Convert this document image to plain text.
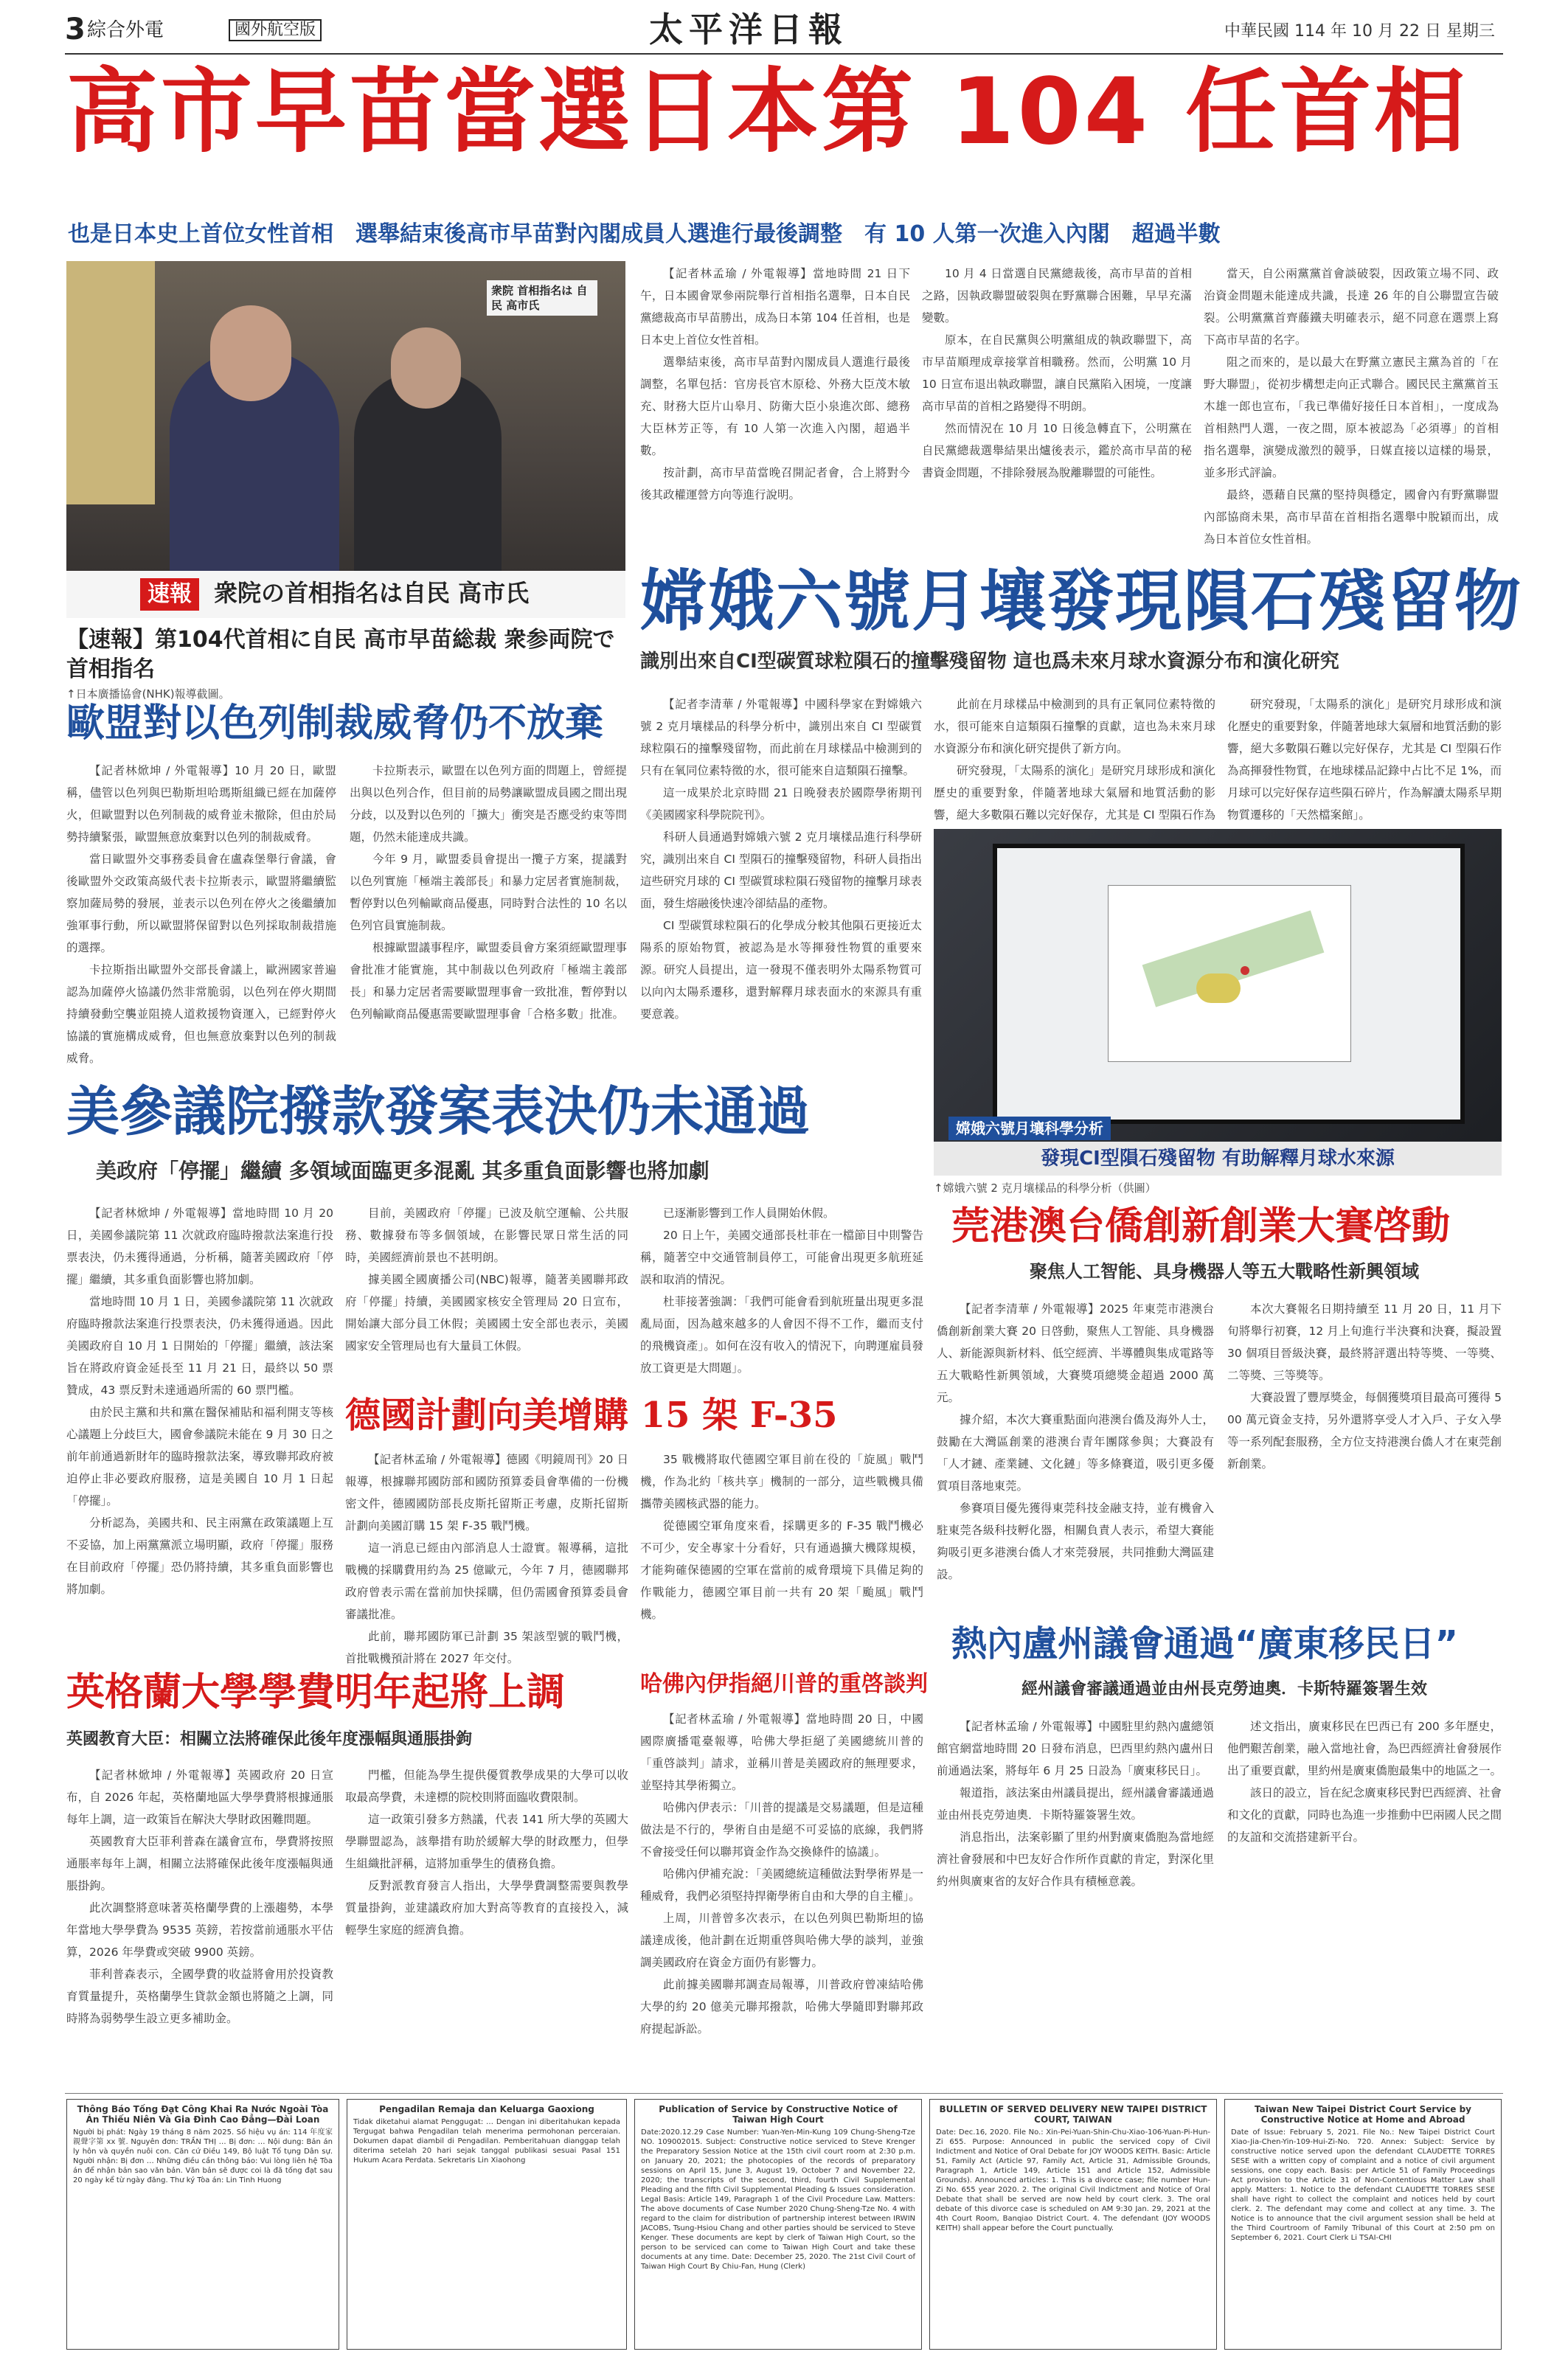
3 綜合外電	國外航空版	太平洋日報	中華民國 114 年 10 月 22 日 星期三
高市早苗當選日本第 104 任首相
也是日本史上首位女性首相　選舉結束後高市早苗對內閣成員人選進行最後調整　有 10 人第一次進入內閣　超過半數
衆院 首相指名は 自民 高市氏
速報 衆院の首相指名は自民 高市氏
【速報】第104代首相に自民 高市早苗総裁 衆参両院で首相指名
↑日本廣播協會(NHK)報導截圖。

【記者林孟瑜 / 外電報導】當地時間 21 日下午，日本國會眾參兩院舉行首相指名選舉，日本自民黨總裁高市早苗勝出，成為日本第 104 任首相，也是日本史上首位女性首相。

選舉結束後，高市早苗對內閣成員人選進行最後調整，名單包括：官房長官木原稔、外務大臣茂木敏充、財務大臣片山皋月、防衛大臣小泉進次郎、總務大臣林芳正等，有 10 人第一次進入內閣，超過半數。

按計劃，高市早苗當晚召開記者會，合上將對今後其政權運營方向等進行說明。

10 月 4 日當選自民黨總裁後，高市早苗的首相之路，因執政聯盟破裂與在野黨聯合困難，早早充滿變數。

原本，在自民黨與公明黨組成的執政聯盟下，高市早苗順理成章接掌首相職務。然而，公明黨 10 月 10 日宣布退出執政聯盟，讓自民黨陷入困境，一度讓高市早苗的首相之路變得不明朗。

然而情況在 10 月 10 日後急轉直下，公明黨在自民黨總裁選舉結果出爐後表示，鑑於高市早苗的秘書資金問題，不排除發展為脫離聯盟的可能性。

當天，自公兩黨黨首會談破裂，因政策立場不同、政治資金問題未能達成共識，長達 26 年的自公聯盟宣告破裂。公明黨黨首齊藤鐵夫明確表示，絕不同意在選票上寫下高市早苗的名字。

阻之而來的，是以最大在野黨立憲民主黨為首的「在野大聯盟」，從初步構想走向正式聯合。國民民主黨黨首玉木雄一郎也宣布，「我已準備好接任日本首相」，一度成為首相熱門人選，一夜之間，原本被認為「必須導」的首相指名選舉，演變成激烈的競爭，日媒直接以這樣的場景，並多形式評論。

最終，憑藉自民黨的堅持與穩定，國會內有野黨聯盟內部協商未果，高市早苗在首相指名選舉中脫穎而出，成為日本首位女性首相。

嫦娥六號月壤發現隕石殘留物
識別出來自CI型碳質球粒隕石的撞擊殘留物 這也爲未來月球水資源分布和演化研究

【記者李清華 / 外電報導】中國科學家在對嫦娥六號 2 克月壤樣品的科學分析中，識別出來自 CI 型碳質球粒隕石的撞擊殘留物，而此前在月球樣品中檢測到的只有在氧同位素特徵的水，很可能來自這類隕石撞擊。

這一成果於北京時間 21 日晚發表於國際學術期刊《美國國家科學院院刊》。

科研人員通過對嫦娥六號 2 克月壤樣品進行科學研究，識別出來自 CI 型隕石的撞擊殘留物，科研人員指出這些研究月球的 CI 型碳質球粒隕石殘留物的撞擊月球表面，發生熔融後快速冷卻結晶的產物。

CI 型碳質球粒隕石的化學成分較其他隕石更接近太陽系的原始物質，被認為是水等揮發性物質的重要來源。研究人員提出，這一發現不僅表明外太陽系物質可以向內太陽系遷移，還對解釋月球表面水的來源具有重要意義。

此前在月球樣品中檢測到的具有正氧同位素特徵的水，很可能來自這類隕石撞擊的貢獻，這也為未來月球水資源分布和演化研究提供了新方向。

研究發現，「太陽系的演化」是研究月球形成和演化歷史的重要對象，伴隨著地球大氣層和地質活動的影響，絕大多數隕石難以完好保存，尤其是 CI 型隕石作為

研究發現，「太陽系的演化」是研究月球形成和演化歷史的重要對象，伴隨著地球大氣層和地質活動的影響，絕大多數隕石難以完好保存，尤其是 CI 型隕石作為高揮發性物質，在地球樣品記錄中占比不足 1%，而月球可以完好保存這些隕石碎片，作為解讀太陽系早期物質遷移的「天然檔案館」。

嫦娥六號月壤科學分析
發現CI型隕石殘留物 有助解釋月球水來源
↑嫦娥六號 2 克月壤樣品的科學分析（供圖）
歐盟對以色列制裁威脅仍不放棄

【記者林焮坤 / 外電報導】10 月 20 日，歐盟稱，儘管以色列與巴勒斯坦哈瑪斯組織已經在加薩停火，但歐盟對以色列制裁的威脅並未撤除，但由於局勢持續緊張，歐盟無意放棄對以色列的制裁威脅。

當日歐盟外交事務委員會在盧森堡舉行會議，會後歐盟外交政策高級代表卡拉斯表示，歐盟將繼續監察加薩局勢的發展，並表示以色列在停火之後繼續加強軍事行動，所以歐盟將保留對以色列採取制裁措施的選擇。

卡拉斯指出歐盟外交部長會議上，歐洲國家普遍認為加薩停火協議仍然非常脆弱，以色列在停火期間持續發動空襲並阻撓人道救援物資運入，已經對停火協議的實施構成威脅，但也無意放棄對以色列的制裁威脅。

卡拉斯表示，歐盟在以色列方面的問題上，曾經提出與以色列合作，但目前的局勢讓歐盟成員國之間出現分歧，以及對以色列的「擴大」衝突是否應受約束等問題，仍然未能達成共識。

今年 9 月，歐盟委員會提出一攬子方案，提議對以色列實施「極端主義部長」和暴力定居者實施制裁，暫停對以色列輸歐商品優惠，同時對合法性的 10 名以色列官員實施制裁。

根據歐盟議事程序，歐盟委員會方案須經歐盟理事會批准才能實施，其中制裁以色列政府「極端主義部長」和暴力定居者需要歐盟理事會一致批准，暫停對以色列輸歐商品優惠需要歐盟理事會「合格多數」批准。

美參議院撥款發案表決仍未通過
美政府「停擺」繼續 多領域面臨更多混亂 其多重負面影響也將加劇

【記者林焮坤 / 外電報導】當地時間 10 月 20 日，美國參議院第 11 次就政府臨時撥款法案進行投票表決，仍未獲得通過，分析稱，隨著美國政府「停擺」繼續，其多重負面影響也將加劇。

當地時間 10 月 1 日，美國參議院第 11 次就政府臨時撥款法案進行投票表決，仍未獲得通過。因此美國政府自 10 月 1 日開始的「停擺」繼續，該法案旨在將政府資金延長至 11 月 21 日，最終以 50 票贊成，43 票反對未達通過所需的 60 票門檻。

由於民主黨和共和黨在醫保補貼和福利開支等核心議題上分歧巨大，國會參議院未能在 9 月 30 日之前年前通過新財年的臨時撥款法案，導致聯邦政府被迫停止非必要政府服務，這是美國自 10 月 1 日起「停擺」。

分析認為，美國共和、民主兩黨在政策議題上互不妥協，加上兩黨黨派立場明顯，政府「停擺」服務在目前政府「停擺」恐仍將持續，其多重負面影響也將加劇。

目前，美國政府「停擺」已波及航空運輸、公共服務、數據發布等多個領域，在影響民眾日常生活的同時，美國經濟前景也不甚明朗。

據美國全國廣播公司(NBC)報導，隨著美國聯邦政府「停擺」持續，美國國家核安全管理局 20 日宣布，開始讓大部分員工休假；美國國土安全部也表示，美國國家安全管理局也有大量員工休假。

已逐漸影響到工作人員開始休假。

20 日上午，美國交通部長杜菲在一檔節目中則警告稱，隨著空中交通管制員停工，可能會出現更多航班延誤和取消的情況。

杜菲接著強調：「我們可能會看到航班量出現更多混亂局面，因為越來越多的人會因不得不工作，繼而支付的飛機資產」。如何在沒有收入的情況下，向聘運雇員發放工資更是大問題」。

德國計劃向美增購 15 架 F-35

【記者林孟瑜 / 外電報導】德國《明鏡周刊》20 日報導，根據聯邦國防部和國防預算委員會準備的一份機密文件，德國國防部長皮斯托留斯正考慮，皮斯托留斯計劃向美國訂購 15 架 F-35 戰鬥機。

這一消息已經由內部消息人士證實。報導稱，這批戰機的採購費用約為 25 億歐元，今年 7 月，德國聯邦政府曾表示需在當前加快採購，但仍需國會預算委員會審議批准。

此前，聯邦國防軍已計劃 35 架該型號的戰鬥機，首批戰機預計將在 2027 年交付。

35 戰機將取代德國空軍目前在役的「旋風」戰鬥機，作為北約「核共享」機制的一部分，這些戰機具備攜帶美國核武器的能力。

從德國空軍角度來看，採購更多的 F-35 戰鬥機必不可少，安全專家十分看好，只有通過擴大機隊規模，才能夠確保德國的空軍在當前的威脅環境下具備足夠的作戰能力，德國空軍目前一共有 20 架「颱風」戰鬥機。

哈佛內伊指絕川普的重啓談判

【記者林孟瑜 / 外電報導】當地時間 20 日，中國國際廣播電臺報導，哈佛大學拒絕了美國總統川普的「重啓談判」請求，並稱川普是美國政府的無理要求，並堅持其學術獨立。

哈佛內伊表示：「川普的提議是交易議題，但是這種做法是不行的，學術自由是絕不可妥協的底線，我們將不會接受任何以聯邦資金作為交換條件的協議」。

哈佛內伊補充說：「美國總統這種做法對學術界是一種威脅，我們必須堅持捍衛學術自由和大學的自主權」。

上周，川普曾多次表示，在以色列與巴勒斯坦的協議達成後，他計劃在近期重啓與哈佛大學的談判，並強調美國政府在資金方面仍有影響力。

此前據美國聯邦調查局報導，川普政府曾凍結哈佛大學的約 20 億美元聯邦撥款，哈佛大學隨即對聯邦政府提起訴訟。

英格蘭大學學費明年起將上調
英國教育大臣：相關立法將確保此後年度漲幅與通脹掛鉤

【記者林焮坤 / 外電報導】英國政府 20 日宣布，自 2026 年起，英格蘭地區大學學費將根據通脹每年上調，這一政策旨在解決大學財政困難問題。

英國教育大臣菲利普森在議會宣布，學費將按照通脹率每年上調，相關立法將確保此後年度漲幅與通脹掛鉤。

此次調整將意味著英格蘭學費的上漲趨勢，本學年當地大學學費為 9535 英鎊，若按當前通脹水平估算，2026 年學費或突破 9900 英鎊。

菲利普森表示，全國學費的收益將會用於投資教育質量提升，英格蘭學生貸款金額也將隨之上調，同時將為弱勢學生設立更多補助金。

門檻，但能為學生提供優質教學成果的大學可以收取最高學費，未達標的院校則將面臨收費限制。

這一政策引發多方熱議，代表 141 所大學的英國大學聯盟認為，該舉措有助於緩解大學的財政壓力，但學生組織批評稱，這將加重學生的債務負擔。

反對派教育發言人指出，大學學費調整需要與教學質量掛鉤，並建議政府加大對高等教育的直接投入，減輕學生家庭的經濟負擔。

莞港澳台僑創新創業大賽啓動
聚焦人工智能、具身機器人等五大戰略性新興領域

【記者李清華 / 外電報導】2025 年東莞市港澳台僑創新創業大賽 20 日啓動，聚焦人工智能、具身機器人、新能源與新材料、低空經濟、半導體與集成電路等五大戰略性新興領域，大賽獎項總獎金超過 2000 萬元。

據介紹，本次大賽重點面向港澳台僑及海外人士，鼓勵在大灣區創業的港澳台青年團隊參與；大賽設有「人才鏈、產業鏈、文化鏈」等多條賽道，吸引更多優質項目落地東莞。

參賽項目優先獲得東莞科技金融支持，並有機會入駐東莞各級科技孵化器，相關負責人表示，希望大賽能夠吸引更多港澳台僑人才來莞發展，共同推動大灣區建設。

本次大賽報名日期持續至 11 月 20 日，11 月下旬將舉行初賽，12 月上旬進行半決賽和決賽，擬設置 30 個項目晉級決賽，最終將評選出特等獎、一等獎、二等獎、三等獎等。

大賽設置了豐厚獎金，每個獲獎項目最高可獲得 500 萬元資金支持，另外還將享受人才入戶、子女入學等一系列配套服務，全方位支持港澳台僑人才在東莞創新創業。

熱內盧州議會通過“廣東移民日”
經州議會審議通過並由州長克勞迪奧．卡斯特羅簽署生效

【記者林孟瑜 / 外電報導】中國駐里約熱內盧總領館官網當地時間 20 日發布消息，巴西里約熱內盧州日前通過法案，將每年 6 月 25 日設為「廣東移民日」。

報道指，該法案由州議員提出，經州議會審議通過並由州長克勞迪奧．卡斯特羅簽署生效。

消息指出，法案彰顯了里約州對廣東僑胞為當地經濟社會發展和中巴友好合作所作貢獻的肯定，對深化里約州與廣東省的友好合作具有積極意義。

述文指出，廣東移民在巴西已有 200 多年歷史，他們艱苦創業，融入當地社會，為巴西經濟社會發展作出了重要貢獻，里約州是廣東僑胞最集中的地區之一。

該日的設立，旨在紀念廣東移民對巴西經濟、社會和文化的貢獻，同時也為進一步推動中巴兩國人民之間的友誼和交流搭建新平台。

Thông Báo Tống Đạt Công Khai Ra Nước Ngoài Tòa Án Thiếu Niên Và Gia Đình Cao Đẳng—Đài Loan
Người bị phát: Ngày 19 tháng 8 năm 2025. Số hiệu vụ án: 114 年度家親聲字第 xx 號. Nguyên đơn: TRẦN THỊ … Bị đơn: … Nội dung: Bản án ly hôn và quyền nuôi con. Căn cứ Điều 149, Bộ luật Tố tụng Dân sự. Người nhận: Bị đơn … Những điều cần thông báo: Vui lòng liên hệ Tòa án để nhận bản sao văn bản. Văn bản sẽ được coi là đã tống đạt sau 20 ngày kể từ ngày đăng. Thư ký Tòa án: Lin Tinh Huong
Pengadilan Remaja dan Keluarga Gaoxiong
Tidak diketahui alamat Penggugat: … Dengan ini diberitahukan kepada Tergugat bahwa Pengadilan telah menerima permohonan perceraian. Dokumen dapat diambil di Pengadilan. Pemberitahuan dianggap telah diterima setelah 20 hari sejak tanggal publikasi sesuai Pasal 151 Hukum Acara Perdata. Sekretaris Lin Xiaohong
Publication of Service by Constructive Notice of Taiwan High Court
Date:2020.12.29 Case Number: Yuan-Yen-Min-Kung 109 Chung-Sheng-Tze NO. 109002015. Subject: Constructive notice serviced to Steve Krenger the Preparatory Session Notice at the 15th civil court room at 2:30 p.m. on January 20, 2021; the photocopies of the records of preparatory sessions on April 15, June 3, August 19, October 7 and November 22, 2020; the transcripts of the second, third, fourth Civil Supplemental Pleading and the fifth Civil Supplemental Pleading & Issues consideration. Legal Basis: Article 149, Paragraph 1 of the Civil Procedure Law. Matters: The above documents of Case Number 2020 Chung-Sheng-Tze No. 4 with regard to the claim for distribution of partnership interest between IRWIN JACOBS, Tsung-Hsiou Chang and other parties should be serviced to Steve Kenger. These documents are kept by clerk of Taiwan High Court, so the person to be serviced can come to Taiwan High Court and take these documents at any time. Date: December 25, 2020. The 21st Civil Court of Taiwan High Court By Chiu-Fan, Hung (Clerk)
BULLETIN OF SERVED DELIVERY NEW TAIPEI DISTRICT COURT, TAIWAN
Date: Dec.16, 2020. File No.: Xin-Pei-Yuan-Shin-Chu-Xiao-106-Yuan-Pi-Hun-Zi 655. Purpose: Announced in public the serviced copy of Civil Indictment and Notice of Oral Debate for JOY WOODS KEITH. Basic: Article 51, Family Act (Article 97, Family Act, Article 31, Admissible Grounds, Paragraph 1, Article 149, Article 151 and Article 152, Admissible Grounds). Announced articles: 1. This is a divorce case; file number Hun-Zi No. 655 year 2020. 2. The original Civil Indictment and Notice of Oral Debate that shall be served are now held by court clerk. 3. The oral debate of this divorce case is scheduled on AM 9:30 Jan. 29, 2021 at the 4th Court Room, Banqiao District Court. 4. The defendant (JOY WOODS KEITH) shall appear before the Court punctually.
Taiwan New Taipei District Court Service by Constructive Notice at Home and Abroad
Date of Issue: February 5, 2021. File No.: New Taipei District Court Xiao-Jia-Chen-Yin-109-Hui-Zi-No. 720. Annex: Subject: Service by constructive notice served upon the defendant CLAUDETTE TORRES SESE with a written copy of complaint and a notice of civil argument sessions, one copy each. Basis: per Article 51 of Family Proceedings Act provision to the Article 31 of Non-Contentious Matter Law shall apply. Matters: 1. Notice to the defendant CLAUDETTE TORRES SESE shall have right to collect the complaint and notices held by court clerk. 2. The defendant may come and collect at any time. 3. The Notice is to announce that the civil argument session shall be held at the Third Courtroom of Family Tribunal of this Court at 2:50 pm on September 6, 2021. Court Clerk Li TSAI-CHI
